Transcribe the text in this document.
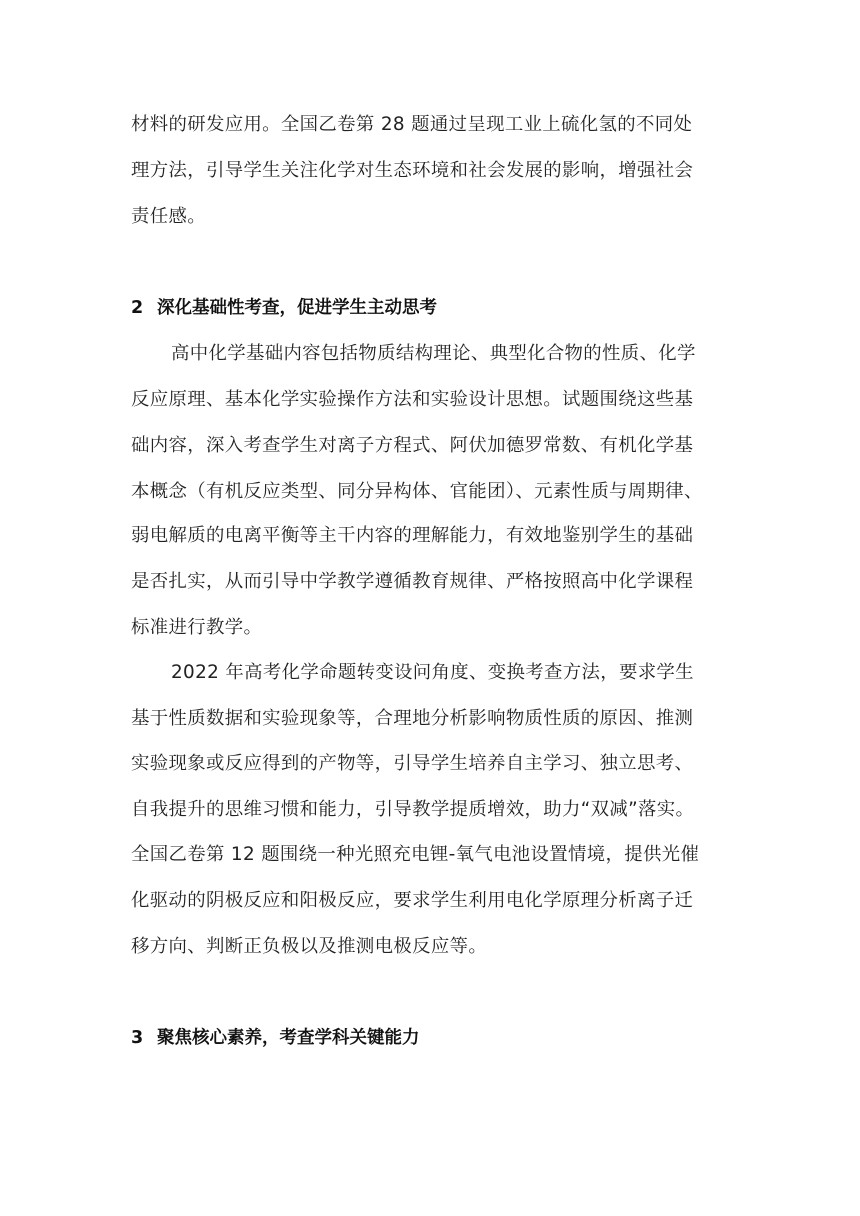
材料的研发应用。全国乙卷第 28 题通过呈现工业上硫化氢的不同处
理方法，引导学生关注化学对生态环境和社会发展的影响，增强社会
责任感。
2 深化基础性考查，促进学生主动思考
高中化学基础内容包括物质结构理论、典型化合物的性质、化学
反应原理、基本化学实验操作方法和实验设计思想。试题围绕这些基
础内容，深入考查学生对离子方程式、阿伏加德罗常数、有机化学基
本概念（有机反应类型、同分异构体、官能团）、元素性质与周期律、
弱电解质的电离平衡等主干内容的理解能力，有效地鉴别学生的基础
是否扎实，从而引导中学教学遵循教育规律、严格按照高中化学课程
标准进行教学。
2022 年高考化学命题转变设问角度、变换考查方法，要求学生
基于性质数据和实验现象等，合理地分析影响物质性质的原因、推测
实验现象或反应得到的产物等，引导学生培养自主学习、独立思考、
自我提升的思维习惯和能力，引导教学提质增效，助力“双减”落实。
全国乙卷第 12 题围绕一种光照充电锂-氧气电池设置情境，提供光催
化驱动的阴极反应和阳极反应，要求学生利用电化学原理分析离子迁
移方向、判断正负极以及推测电极反应等。
3 聚焦核心素养，考查学科关键能力
